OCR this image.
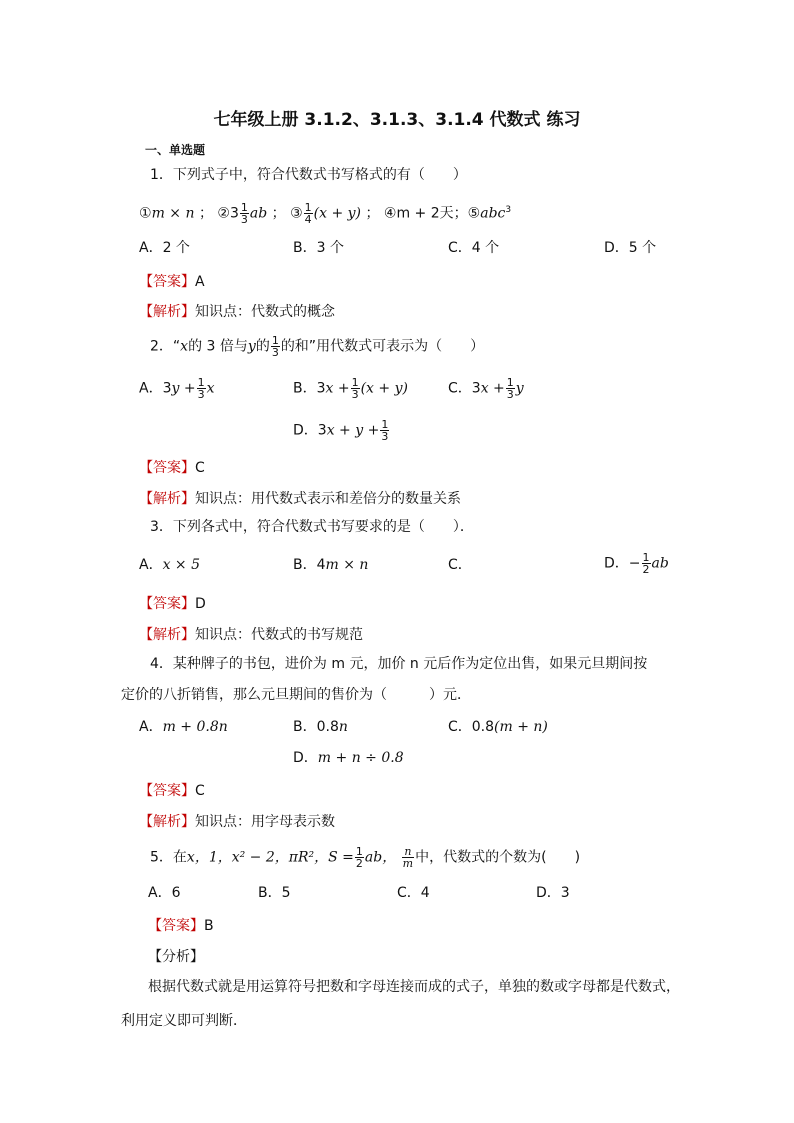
七年级上册 3.1.2、3.1.3、3.1.4 代数式 练习
一、单选题
1．下列式子中，符合代数式书写格式的有（　　）
①m × n ； ②3 $\frac{1}{3}$ ab ； ③ $\frac{1}{4} (x + y)$ ； ④m + 2天；⑤abc$^3$
A．2 个	B．3 个	C．4 个	D．5 个
【答案】A
【解析】知识点：代数式的概念
2．“x的 3 倍与y的 $\frac{1}{3}$ 的和”用代数式可表示为（　　）
A．$3y + \frac{1}{3}$ x	B．$3x + \frac{1}{3} (x + y)$	C．$3x + \frac{1}{3}$ y
D．$3x + y + \frac{1}{3}$
【答案】C
【解析】知识点：用代数式表示和差倍分的数量关系
3．下列各式中，符合代数式书写要求的是（　　）．
A．x × 5	B．4m × n	C．	D．− $\frac{1}{2}$ ab
【答案】D
【解析】知识点：代数式的书写规范
4．某种牌子的书包，进价为 m 元，加价 n 元后作为定位出售，如果元旦期间按
定价的八折销售，那么元旦期间的售价为（　　　）元．
A．m + 0.8n	B．0.8n	C．0.8(m + n)
D．m + n ÷ 0.8
【答案】C
【解析】知识点：用字母表示数
5．在x，1，x² − 2，πR²，$S = \frac{1}{2}$ ab， $\frac{n}{m}$ 中，代数式的个数为(　　)
A．6	B．5	C．4	D．3
【答案】B
【分析】
根据代数式就是用运算符号把数和字母连接而成的式子，单独的数或字母都是代数式，
利用定义即可判断．
